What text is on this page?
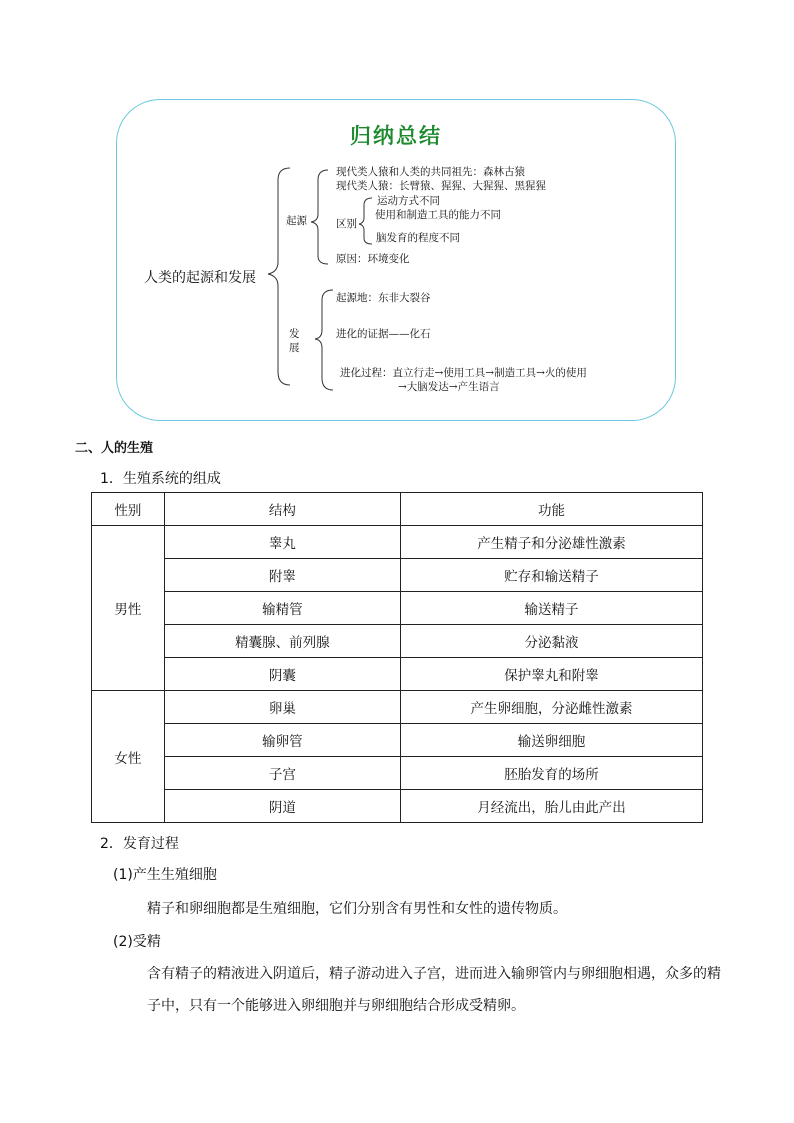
归纳总结
人类的起源和发展
起源
现代类人猿和人类的共同祖先：森林古猿
现代类人猿：长臂猿、猩猩、大猩猩、黑猩猩
区别
运动方式不同
使用和制造工具的能力不同
脑发育的程度不同
原因：环境变化
发
展
起源地：东非大裂谷
进化的证据——化石
进化过程：直立行走→使用工具→制造工具→火的使用
→大脑发达→产生语言
二、人的生殖
1．生殖系统的组成
性别	结构	功能
男性	睾丸	产生精子和分泌雄性激素
	附睾	贮存和输送精子
	输精管	输送精子
	精囊腺、前列腺	分泌黏液
	阴囊	保护睾丸和附睾
女性	卵巢	产生卵细胞，分泌雌性激素
	输卵管	输送卵细胞
	子宫	胚胎发育的场所
	阴道	月经流出，胎儿由此产出
2．发育过程
(1)产生生殖细胞
精子和卵细胞都是生殖细胞，它们分别含有男性和女性的遗传物质。
(2)受精
含有精子的精液进入阴道后，精子游动进入子宫，进而进入输卵管内与卵细胞相遇，众多的精
子中，只有一个能够进入卵细胞并与卵细胞结合形成受精卵。
